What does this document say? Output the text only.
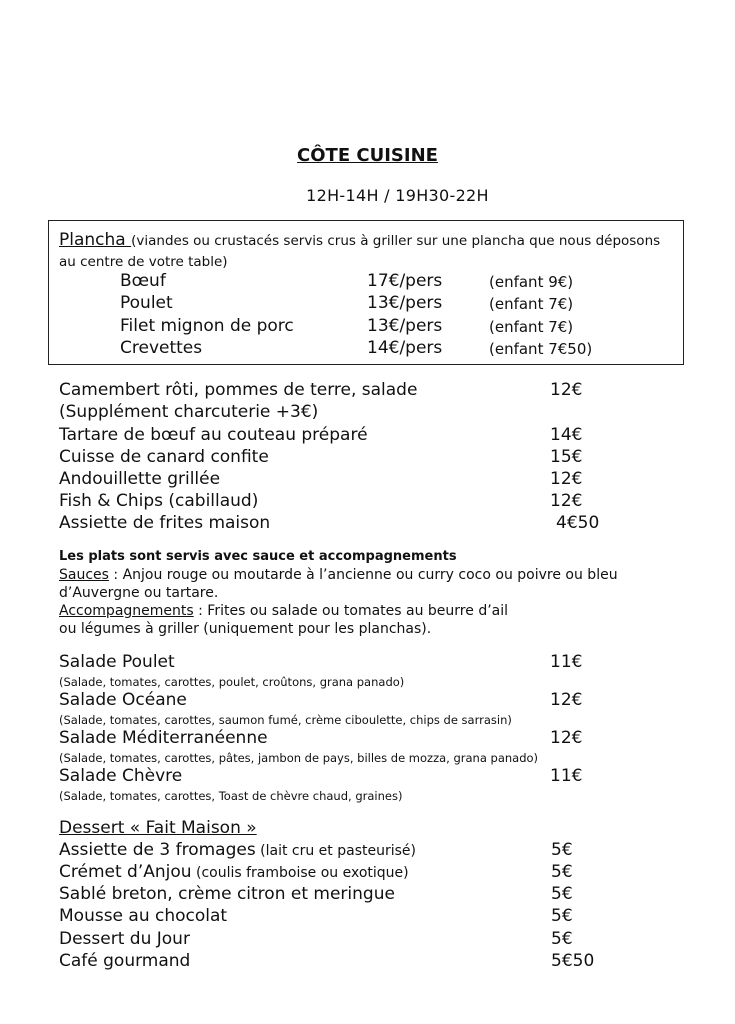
CÔTE CUISINE
12H-14H / 19H30-22H
Plancha (viandes ou crustacés servis crus à griller sur une plancha que nous déposons au centre de votre table)
Bœuf	17€/pers	(enfant 9€)
Poulet	13€/pers	(enfant 7€)
Filet mignon de porc	13€/pers	(enfant 7€)
Crevettes	14€/pers	(enfant 7€50)
Camembert rôti, pommes de terre, salade	12€
(Supplément charcuterie +3€)
Tartare de bœuf au couteau préparé	14€
Cuisse de canard confite	15€
Andouillette grillée	12€
Fish & Chips (cabillaud)	12€
Assiette de frites maison	4€50
Les plats sont servis avec sauce et accompagnements
Sauces : Anjou rouge ou moutarde à l’ancienne ou curry coco ou poivre ou bleu
d’Auvergne ou tartare.
Accompagnements : Frites ou salade ou tomates au beurre d’ail
ou légumes à griller (uniquement pour les planchas).
Salade Poulet	11€
(Salade, tomates, carottes, poulet, croûtons, grana panado)
Salade Océane	12€
(Salade, tomates, carottes, saumon fumé, crème ciboulette, chips de sarrasin)
Salade Méditerranéenne	12€
(Salade, tomates, carottes, pâtes, jambon de pays, billes de mozza, grana panado)
Salade Chèvre	11€
(Salade, tomates, carottes, Toast de chèvre chaud, graines)
Dessert « Fait Maison »
Assiette de 3 fromages (lait cru et pasteurisé)	5€
Crémet d’Anjou (coulis framboise ou exotique)	5€
Sablé breton, crème citron et meringue	5€
Mousse au chocolat	5€
Dessert du Jour	5€
Café gourmand	5€50
